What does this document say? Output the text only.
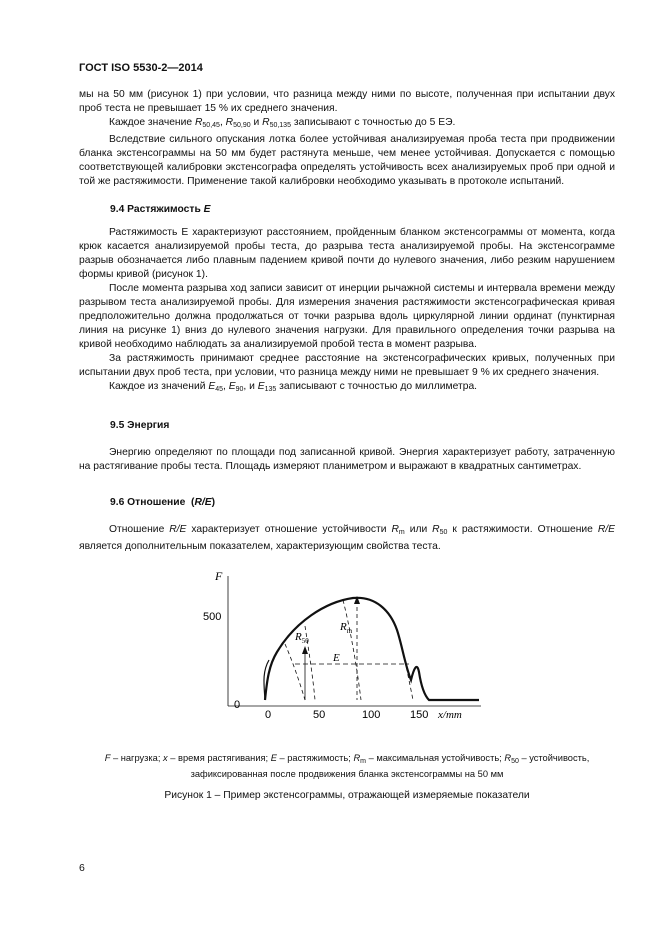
ГОСТ ISO 5530-2—2014

мы на 50 мм (рисунок 1) при условии, что разница между ними по высоте, полученная при испытании двух проб теста не превышает 15 % их среднего значения.

Каждое значение $R_{50,45}$, $R_{50,90}$ и $R_{50,135}$ записывают с точностью до 5 ЕЭ.

Вследствие сильного опускания лотка более устойчивая анализируемая проба теста при продвижении бланка экстенсограммы на 50 мм будет растянута меньше, чем менее устойчивая. Допускается с помощью соответствующей калибровки экстенсографа определять устойчивость всех анализируемых проб при одной и той же растяжимости. Применение такой калибровки необходимо указывать в протоколе испытаний.

9.4 Растяжимость E

Растяжимость E характеризуют расстоянием, пройденным бланком экстенсограммы от момента, когда крюк касается анализируемой пробы теста, до разрыва теста анализируемой пробы. На экстенсограмме разрыв обозначается либо плавным падением кривой почти до нулевого значения, либо резким нарушением формы кривой (рисунок 1).

После момента разрыва ход записи зависит от инерции рычажной системы и интервала времени между разрывом теста анализируемой пробы. Для измерения значения растяжимости экстенсографическая кривая предположительно должна продолжаться от точки разрыва вдоль циркулярной линии ординат (пунктирная линия на рисунке 1) вниз до нулевого значения нагрузки. Для правильного определения точки разрыва на кривой необходимо наблюдать за анализируемой пробой теста в момент разрыва.

За растяжимость принимают среднее расстояние на экстенсографических кривых, полученных при испытании двух проб теста, при условии, что разница между ними не превышает 9 % их среднего значения.

Каждое из значений $E_{45}$, $E_{90}$, и $E_{135}$ записывают с точностью до миллиметра.

9.5 Энергия

Энергию определяют по площади под записанной кривой. Энергия характеризует работу, затраченную на растягивание пробы теста. Площадь измеряют планиметром и выражают в квадратных сантиметрах.

9.6 Отношение  (R/E)

Отношение R/E характеризует отношение устойчивости $R_m$ или $R_{50}$ к растяжимости. Отношение R/E является дополнительным показателем, характеризующим свойства теста.

F
500
0
0	50	100	150 x/mm
$R_{50}$
$R_m$
E
F – нагрузка; x – время растягивания; E – растяжимость; $R_m$ – максимальная устойчивость; $R_{50}$ – устойчивость,
зафиксированная после продвижения бланка экстенсограммы на 50 мм
Рисунок 1 – Пример экстенсограммы, отражающей измеряемые показатели
6
